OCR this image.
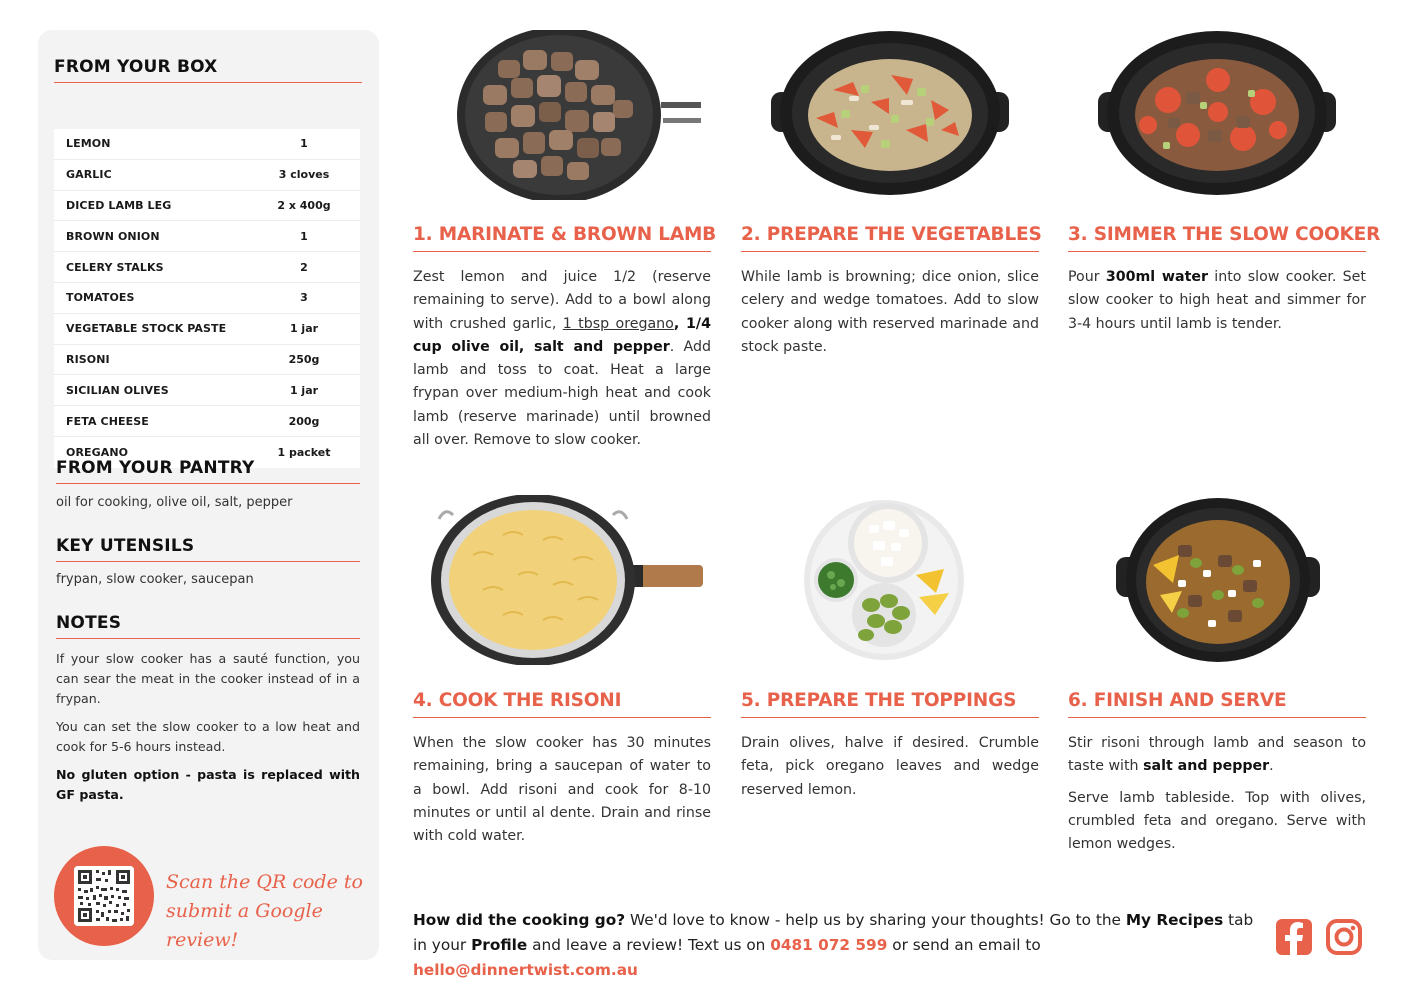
FROM YOUR BOX
LEMON	1
GARLIC	3 cloves
DICED LAMB LEG	2 x 400g
BROWN ONION	1
CELERY STALKS	2
TOMATOES	3
VEGETABLE STOCK PASTE	1 jar
RISONI	250g
SICILIAN OLIVES	1 jar
FETA CHEESE	200g
OREGANO	1 packet
FROM YOUR PANTRY
oil for cooking, olive oil, salt, pepper
KEY UTENSILS
frypan, slow cooker, saucepan
NOTES

If your slow cooker has a sauté function, you can sear the meat in the cooker instead of in a frypan.

You can set the slow cooker to a low heat and cook for 5-6 hours instead.

No gluten option - pasta is replaced with GF pasta.

Scan the QR code to
submit a Google review!
1. MARINATE & BROWN LAMB
Zest lemon and juice 1/2 (reserve remaining to serve). Add to a bowl along with crushed garlic, 1 tbsp oregano, 1/4 cup olive oil, salt and pepper. Add lamb and toss to coat. Heat a large frypan over medium-high heat and cook lamb (reserve marinade) until browned all over. Remove to slow cooker.
2. PREPARE THE VEGETABLES
While lamb is browning; dice onion, slice celery and wedge tomatoes. Add to slow cooker along with reserved marinade and stock paste.
3. SIMMER THE SLOW COOKER
Pour 300ml water into slow cooker. Set slow cooker to high heat and simmer for 3-4 hours until lamb is tender.
4. COOK THE RISONI
When the slow cooker has 30 minutes remaining, bring a saucepan of water to a bowl. Add risoni and cook for 8-10 minutes or until al dente. Drain and rinse with cold water.
5. PREPARE THE TOPPINGS
Drain olives, halve if desired. Crumble feta, pick oregano leaves and wedge reserved lemon.
6. FINISH AND SERVE

Stir risoni through lamb and season to taste with salt and pepper.

Serve lamb tableside. Top with olives, crumbled feta and oregano. Serve with lemon wedges.

How did the cooking go? We'd love to know - help us by sharing your thoughts! Go to the My Recipes tab in your Profile and leave a review! Text us on 0481 072 599 or send an email to hello@dinnertwist.com.au
